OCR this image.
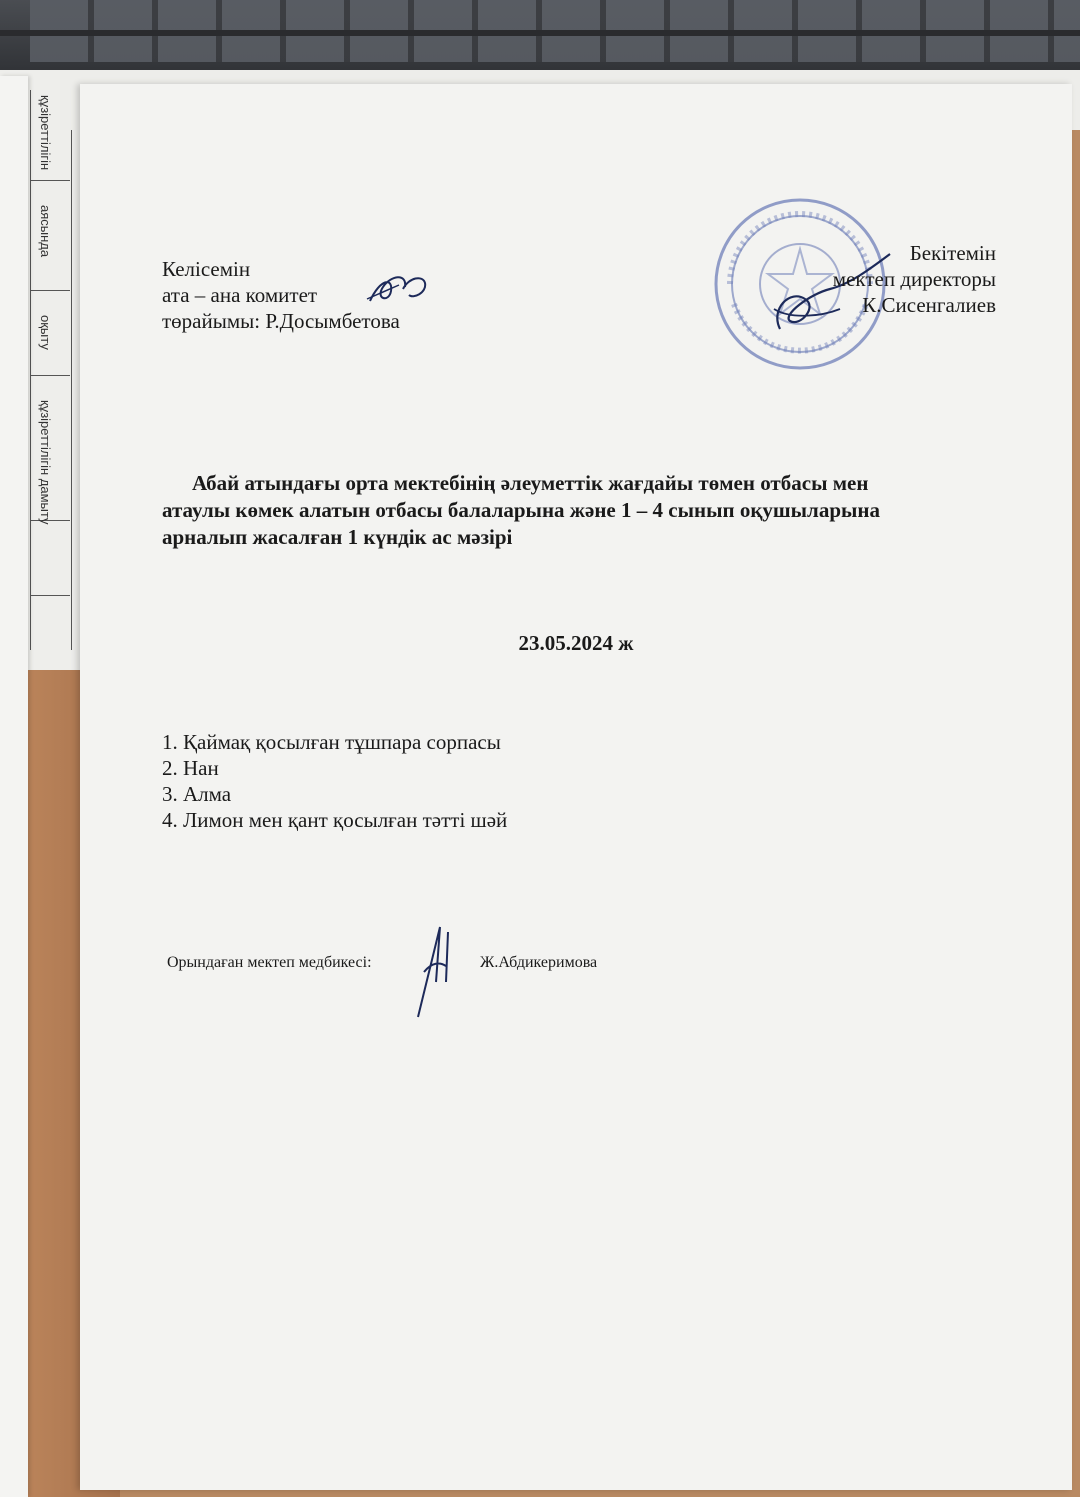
құзіреттілігін
аясында
оқыту
құзіреттілігін дамыту
Келісемін
ата – ана комитет
төрайымы: Р.Досымбетова
Бекітемін
мектеп директоры
К.Сисенгалиев
Абай атындағы орта мектебінің әлеуметтік жағдайы төмен отбасы мен
атаулы көмек алатын отбасы балаларына және 1 – 4 сынып оқушыларына
арналып жасалған 1 күндік ас мәзірі
23.05.2024 ж
1. Қаймақ қосылған тұшпара сорпасы
2. Нан
3. Алма
4. Лимон мен қант қосылған тәтті шәй
Орындаған мектеп медбикесі:	Ж.Абдикеримова
